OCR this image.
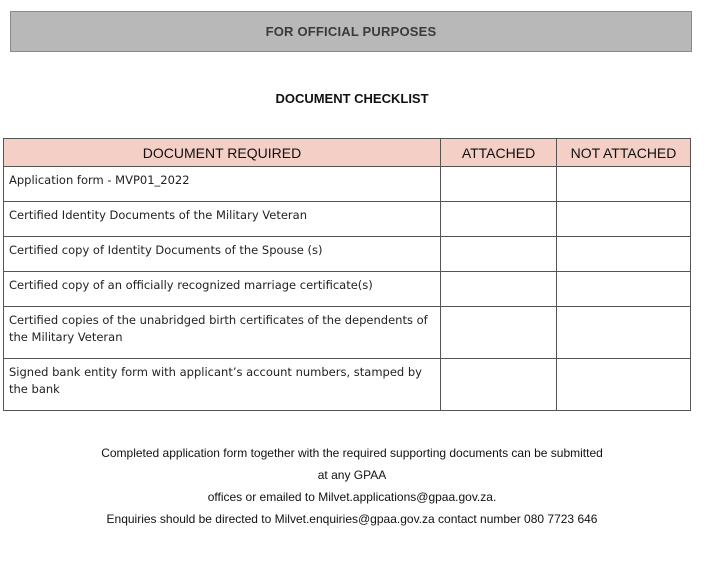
FOR OFFICIAL PURPOSES
DOCUMENT CHECKLIST
DOCUMENT REQUIRED	ATTACHED	NOT ATTACHED
Application form - MVP01_2022		
Certified Identity Documents of the Military Veteran		
Certified copy of Identity Documents of the Spouse (s)		
Certified copy of an officially recognized marriage certificate(s)		
Certified copies of the unabridged birth certificates of the dependents of the Military Veteran		
Signed bank entity form with applicant’s account numbers, stamped by the bank		

Completed application form together with the required supporting documents can be submitted

at any GPAA

offices or emailed to Milvet.applications@gpaa.gov.za.

Enquiries should be directed to Milvet.enquiries@gpaa.gov.za contact number 080 7723 646
